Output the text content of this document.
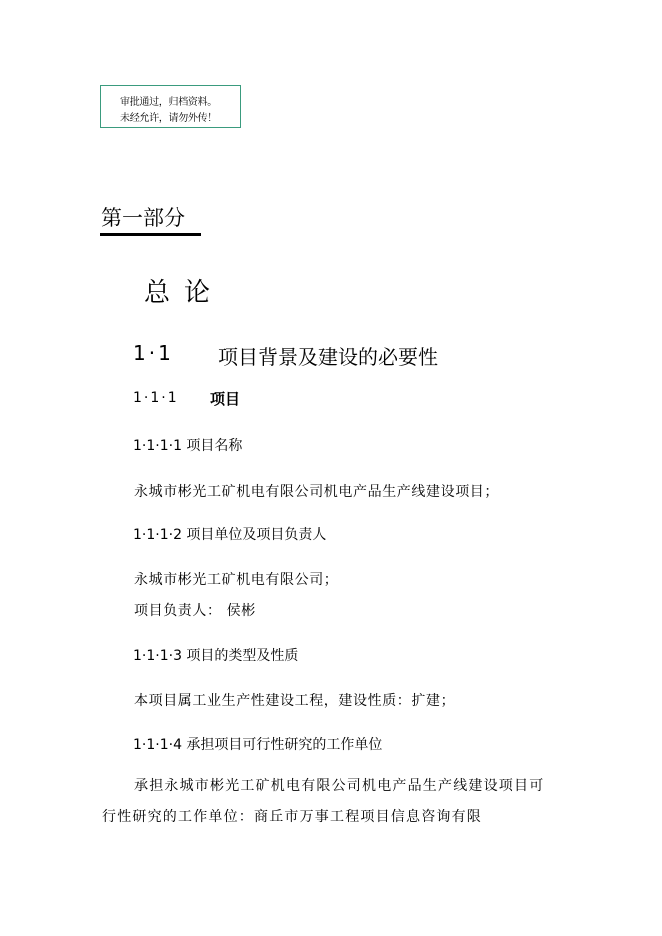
审批通过，归档资料。
未经允许，请勿外传！
第一部分
总论
1·1 项目背景及建设的必要性
1·1·1 项目
1·1·1·1 项目名称
永城市彬光工矿机电有限公司机电产品生产线建设项目；
1·1·1·2 项目单位及项目负责人
永城市彬光工矿机电有限公司；
项目负责人： 侯彬
1·1·1·3 项目的类型及性质
本项目属工业生产性建设工程，建设性质：扩建；
1·1·1·4 承担项目可行性研究的工作单位
承担永城市彬光工矿机电有限公司机电产品生产线建设项目可行性研究的工作单位：商丘市万事工程项目信息咨询有限
